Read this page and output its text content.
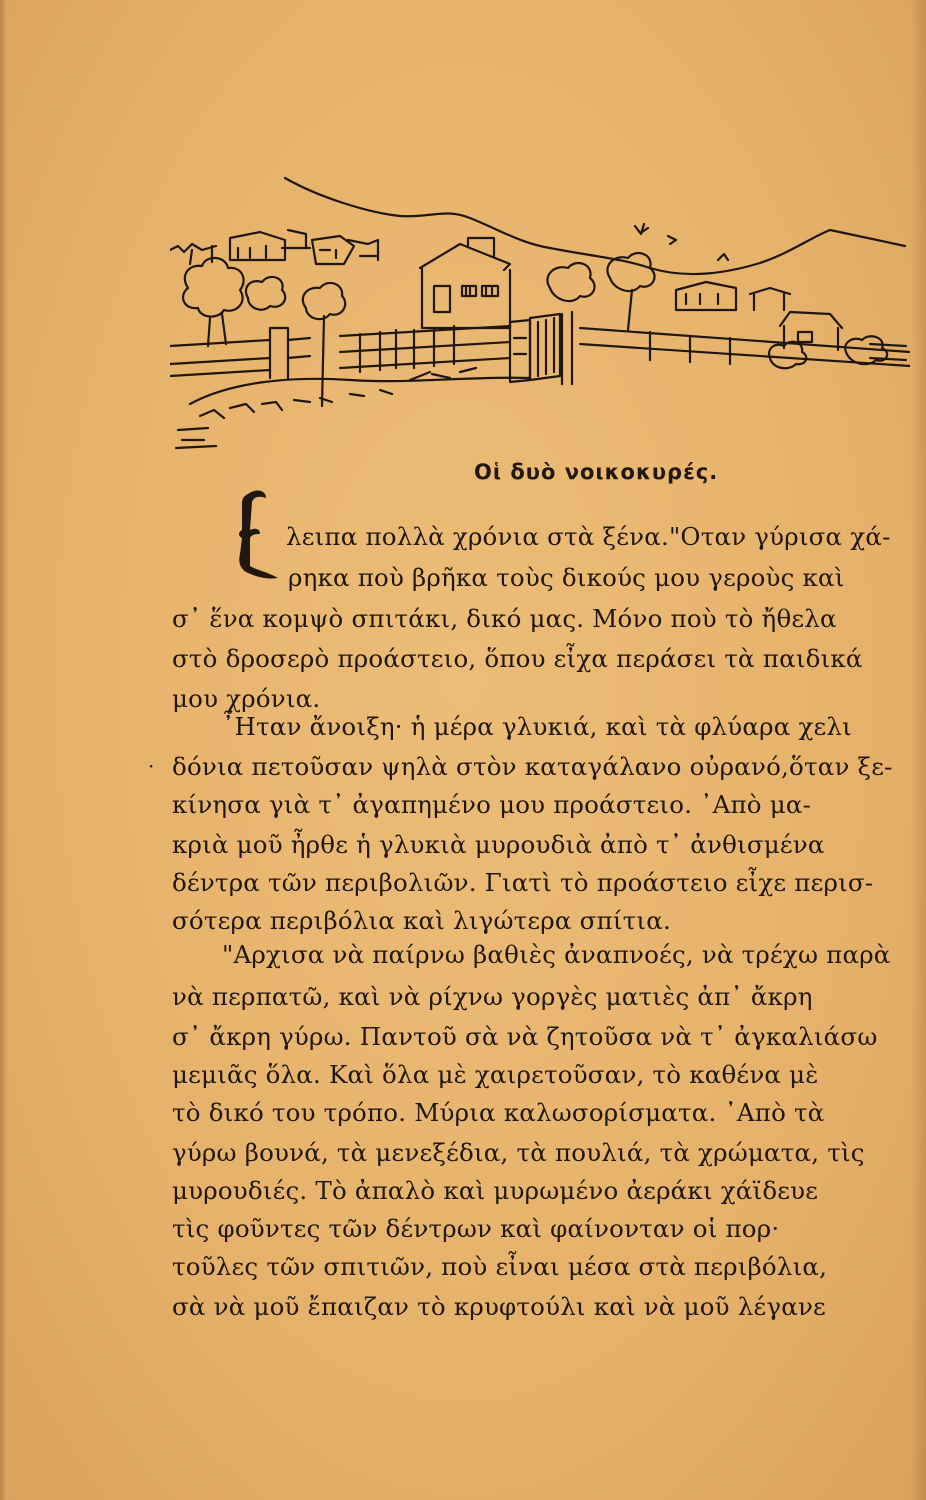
Οἱ δυὸ νοικοκυρές.
λειπα πολλὰ χρόνια στὰ ξένα."Οταν γύρισα χά-
ρηκα ποὺ βρῆκα τοὺς δικούς μου γεροὺς καὶ
σ᾽ ἕνα κομψὸ σπιτάκι, δικό μας. Μόνο ποὺ τὸ ἤθελα
στὸ δροσερὸ προάστειο, ὅπου εἶχα περάσει τὰ παιδικά
μου χρόνια.
῏Ηταν ἄνοιξη· ἡ μέρα γλυκιά, καὶ τὰ φλύαρα χελι
δόνια πετοῦσαν ψηλὰ στὸν καταγάλανο οὐρανό,ὅταν ξε-
κίνησα γιὰ τ᾽ ἀγαπημένο μου προάστειο. ᾽Απὸ μα-
κριὰ μοῦ ἦρθε ἡ γλυκιὰ μυρουδιὰ ἀπὸ τ᾽ ἀνθισμένα
δέντρα τῶν περιβολιῶν. Γιατὶ τὸ προάστειο εἶχε περισ-
σότερα περιβόλια καὶ λιγώτερα σπίτια.
"Αρχισα νὰ παίρνω βαθιὲς ἀναπνοές, νὰ τρέχω παρὰ
νὰ περπατῶ, καὶ νὰ ρίχνω γοργὲς ματιὲς ἀπ᾽ ἄκρη
σ᾽ ἄκρη γύρω. Παντοῦ σὰ νὰ ζητοῦσα νὰ τ᾽ ἀγκαλιάσω
μεμιᾶς ὅλα. Καὶ ὅλα μὲ χαιρετοῦσαν, τὸ καθένα μὲ
τὸ δικό του τρόπο. Μύρια καλωσορίσματα. ᾽Απὸ τὰ
γύρω βουνά, τὰ μενεξέδια, τὰ πουλιά, τὰ χρώματα, τὶς
μυρουδιές. Τὸ ἀπαλὸ καὶ μυρωμένο ἀεράκι χάϊδευε
τὶς φοῦντες τῶν δέντρων καὶ φαίνονταν οἱ πορ·
τοῦλες τῶν σπιτιῶν, ποὺ εἶναι μέσα στὰ περιβόλια,
σὰ νὰ μοῦ ἔπαιζαν τὸ κρυφτούλι καὶ νὰ μοῦ λέγανε
·
